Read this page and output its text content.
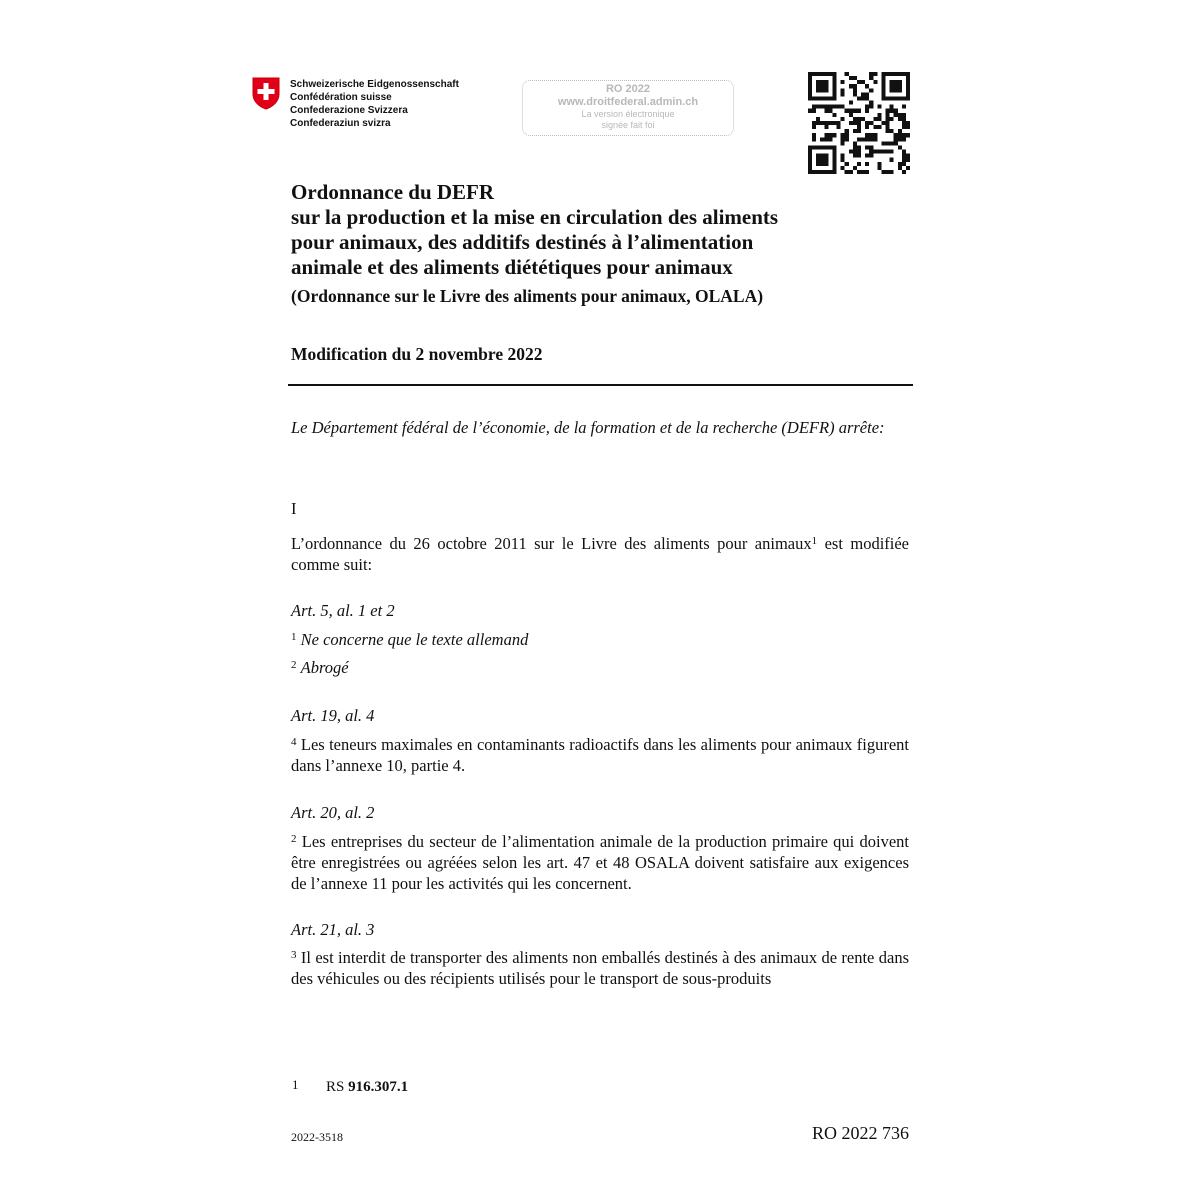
Schweizerische Eidgenossenschaft
Confédération suisse
Confederazione Svizzera
Confederaziun svizra
RO 2022
www.droitfederal.admin.ch
La version électronique
signée fait foi
Ordonnance du DEFR
sur la production et la mise en circulation des aliments
pour animaux, des additifs destinés à l’alimentation
animale et des aliments diététiques pour animaux
(Ordonnance sur le Livre des aliments pour animaux, OLALA)
Modification du 2 novembre 2022
Le Département fédéral de l’économie, de la formation et de la recherche (DEFR) arrête:
I
L’ordonnance du 26 octobre 2011 sur le Livre des aliments pour animaux$^1$ est modifiée comme suit:
Art. 5, al. 1 et 2
$^1$ Ne concerne que le texte allemand
$^2$ Abrogé
Art. 19, al. 4
$^4$ Les teneurs maximales en contaminants radioactifs dans les aliments pour animaux figurent dans l’annexe 10, partie 4.
Art. 20, al. 2
$^2$ Les entreprises du secteur de l’alimentation animale de la production primaire qui doivent être enregistrées ou agréées selon les art. 47 et 48 OSALA doivent satisfaire aux exigences de l’annexe 11 pour les activités qui les concernent.
Art. 21, al. 3
$^3$ Il est interdit de transporter des aliments non emballés destinés à des animaux de rente dans des véhicules ou des récipients utilisés pour le transport de sous-produits
1 RS 916.307.1
2022-3518	RO 2022 736
